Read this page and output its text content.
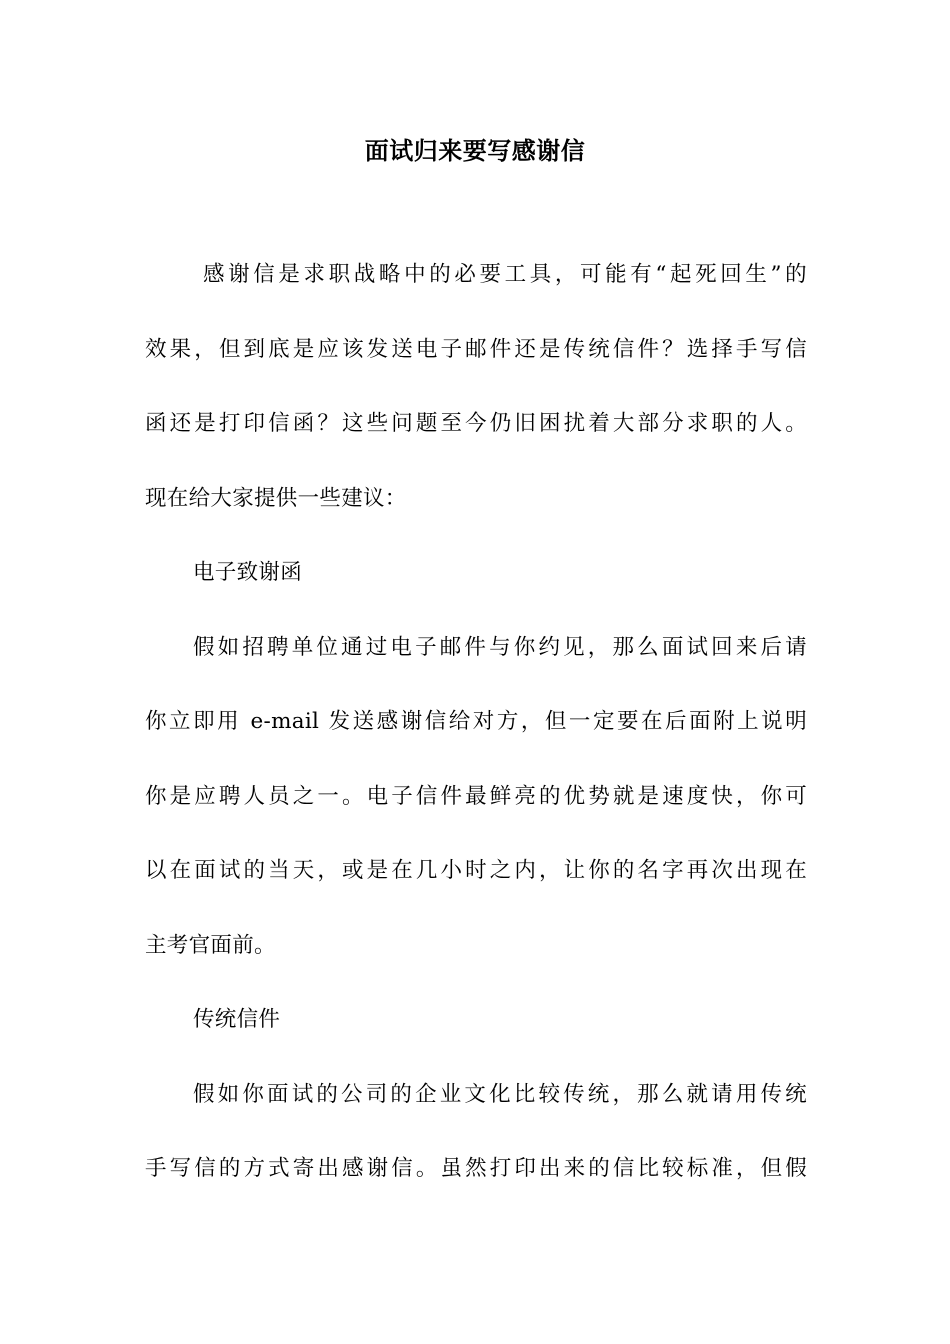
面试归来要写感谢信
感谢信是求职战略中的必要工具，可能有“起死回生”的
效果，但到底是应该发送电子邮件还是传统信件？选择手写信
函还是打印信函？这些问题至今仍旧困扰着大部分求职的人。
现在给大家提供一些建议：
电子致谢函
假如招聘单位通过电子邮件与你约见，那么面试回来后请
你立即用 e-mail 发送感谢信给对方，但一定要在后面附上说明
你是应聘人员之一。电子信件最鲜亮的优势就是速度快，你可
以在面试的当天，或是在几小时之内，让你的名字再次出现在
主考官面前。
传统信件
假如你面试的公司的企业文化比较传统，那么就请用传统
手写信的方式寄出感谢信。虽然打印出来的信比较标准，但假
